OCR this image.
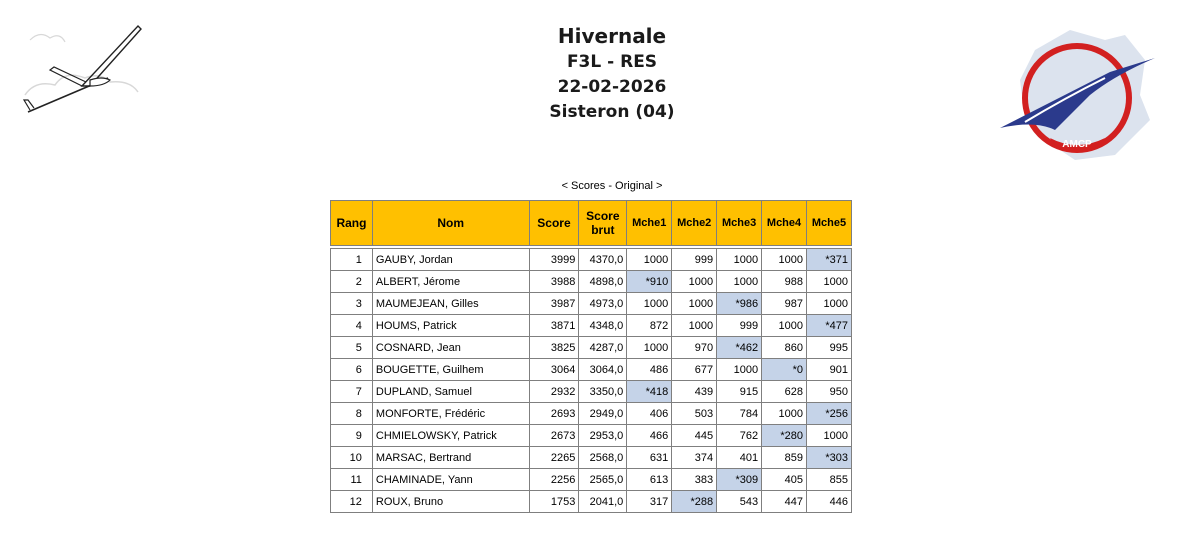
AMCP
Hivernale
F3L - RES
22-02-2026
Sisteron (04)
< Scores - Original >
Rang	Nom	Score	Score brut	Mche1	Mche2	Mche3	Mche4	Mche5

1	GAUBY, Jordan	3999	4370,0	1000	999	1000	1000	*371
2	ALBERT, Jérome	3988	4898,0	*910	1000	1000	988	1000
3	MAUMEJEAN, Gilles	3987	4973,0	1000	1000	*986	987	1000
4	HOUMS, Patrick	3871	4348,0	872	1000	999	1000	*477
5	COSNARD, Jean	3825	4287,0	1000	970	*462	860	995
6	BOUGETTE, Guilhem	3064	3064,0	486	677	1000	*0	901
7	DUPLAND, Samuel	2932	3350,0	*418	439	915	628	950
8	MONFORTE, Frédéric	2693	2949,0	406	503	784	1000	*256
9	CHMIELOWSKY, Patrick	2673	2953,0	466	445	762	*280	1000
10	MARSAC, Bertrand	2265	2568,0	631	374	401	859	*303
11	CHAMINADE, Yann	2256	2565,0	613	383	*309	405	855
12	ROUX, Bruno	1753	2041,0	317	*288	543	447	446
